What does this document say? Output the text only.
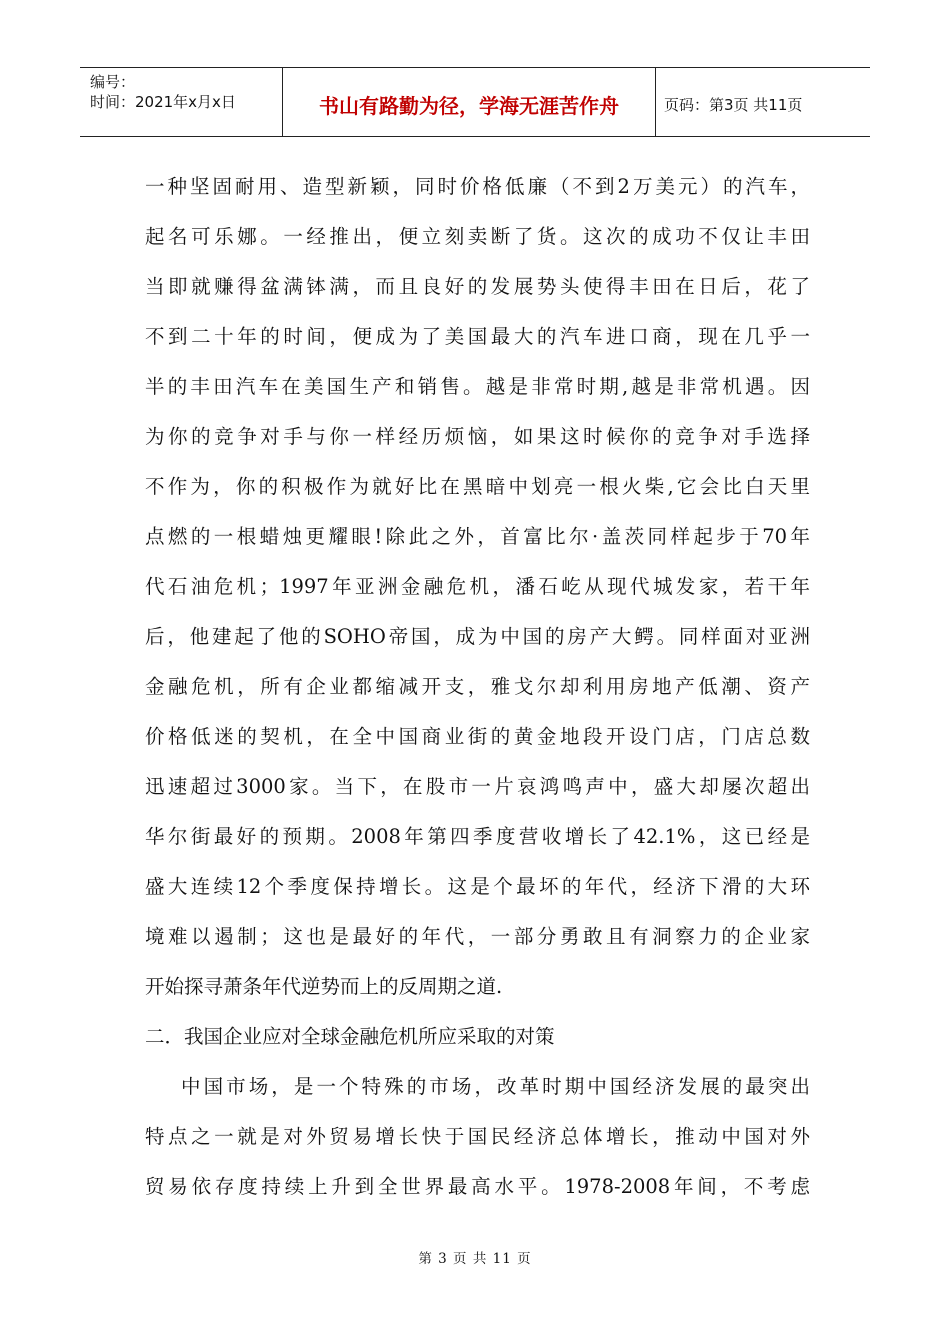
编号：
时间：2021年x月x日	书山有路勤为径，学海无涯苦作舟	页码：第3页 共11页
一种坚固耐用、造型新颖，同时价格低廉（不到2万美元）的汽车，
起名可乐娜。一经推出，便立刻卖断了货。这次的成功不仅让丰田
当即就赚得盆满钵满，而且良好的发展势头使得丰田在日后，花了
不到二十年的时间，便成为了美国最大的汽车进口商，现在几乎一
半的丰田汽车在美国生产和销售。越是非常时期,越是非常机遇。因
为你的竞争对手与你一样经历烦恼，如果这时候你的竞争对手选择
不作为，你的积极作为就好比在黑暗中划亮一根火柴,它会比白天里
点燃的一根蜡烛更耀眼!除此之外，首富比尔·盖茨同样起步于70年
代石油危机；1997年亚洲金融危机，潘石屹从现代城发家，若干年
后，他建起了他的SOHO帝国，成为中国的房产大鳄。同样面对亚洲
金融危机，所有企业都缩减开支，雅戈尔却利用房地产低潮、资产
价格低迷的契机，在全中国商业街的黄金地段开设门店，门店总数
迅速超过3000家。当下，在股市一片哀鸿鸣声中，盛大却屡次超出
华尔街最好的预期。2008年第四季度营收增长了42.1%，这已经是
盛大连续12个季度保持增长。这是个最坏的年代，经济下滑的大环
境难以遏制；这也是最好的年代，一部分勇敢且有洞察力的企业家
开始探寻萧条年代逆势而上的反周期之道.
二．我国企业应对全球金融危机所应采取的对策
中国市场，是一个特殊的市场，改革时期中国经济发展的最突出
特点之一就是对外贸易增长快于国民经济总体增长，推动中国对外
贸易依存度持续上升到全世界最高水平。1978-2008年间，不考虑
第 3 页 共 11 页
